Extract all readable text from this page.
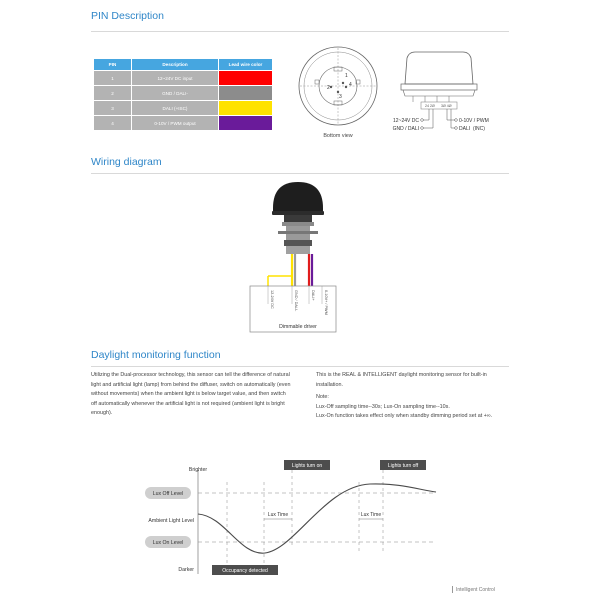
PIN Description
PIN	Description	Lead wire color
1	12~24V DC input	

2	GND / DALI-	

3	DALI (+ISC)	

4	0-10V / PWM output	
1
2
3
4
Bottom view
24 2Ø 3Ø 4Ø
12~24V DC
GND / DALI
0-10V / PWM
DALI (INC)
Wiring diagram
12-24V DC	GND / DALI-	DALI+ 0-10V+ / PWM
Dimmable driver
Daylight monitoring function

Utilizing the Dual-processor technology, this sensor can tell the difference of natural light and artificial light (lamp) from behind the diffuser, switch on automatically (even without movements) when the ambient light is below target value, and then switch off automatically whenever the artificial light is not required (ambient light is bright enough).

This is the REAL & INTELLIGENT daylight monitoring sensor for built-in installation.

Note:

Lux-Off sampling time--30s; Lux-On sampling time--10s.

Lux-On function takes effect only when standby dimming period set at +∞.

Lux Off Level
Lux On Level
Brighter
Ambient Light Level
Darker
Lux Time	Lux Time
Lights turn on	Lights turn off
Occupancy detected
Intelligent Control
